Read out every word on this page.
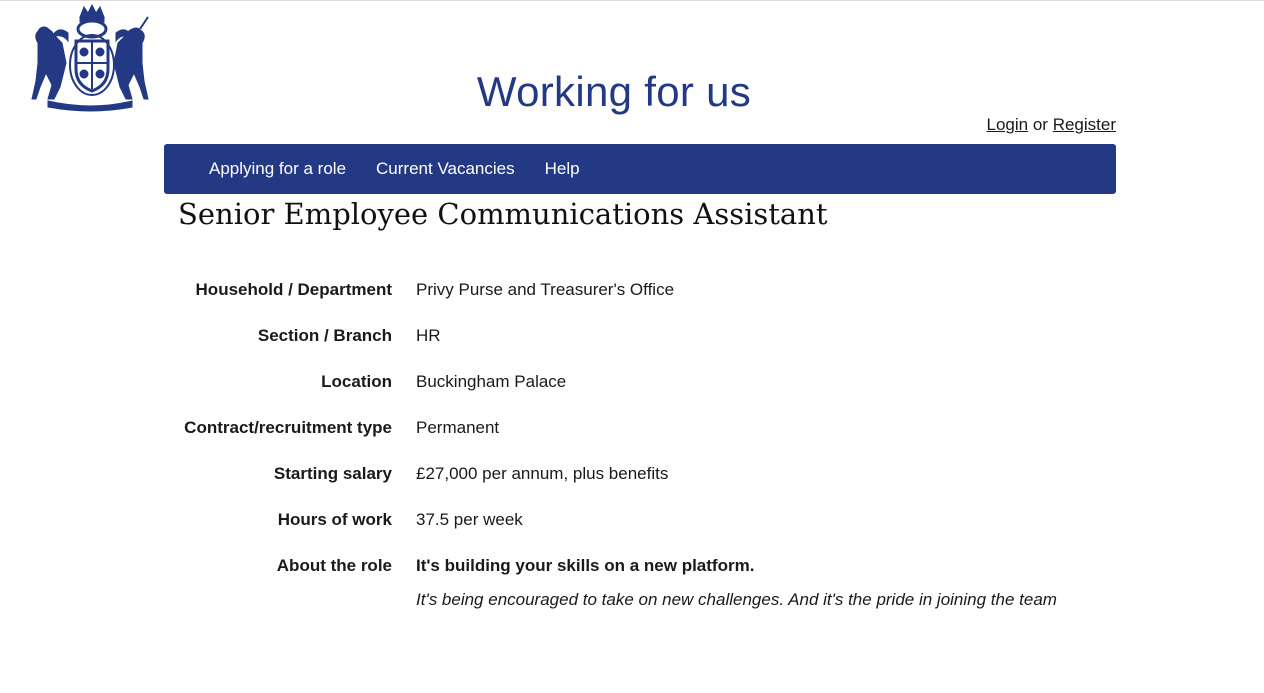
Working for us
Login or Register
Applying for a role Current Vacancies Help
Senior Employee Communications Assistant
Household / Department	Privy Purse and Treasurer's Office
Section / Branch	HR
Location	Buckingham Palace
Contract/recruitment type	Permanent
Starting salary	£27,000 per annum, plus benefits
Hours of work	37.5 per week
About the role	It's building your skills on a new platform.

It's being encouraged to take on new challenges. And it's the pride in joining the team
